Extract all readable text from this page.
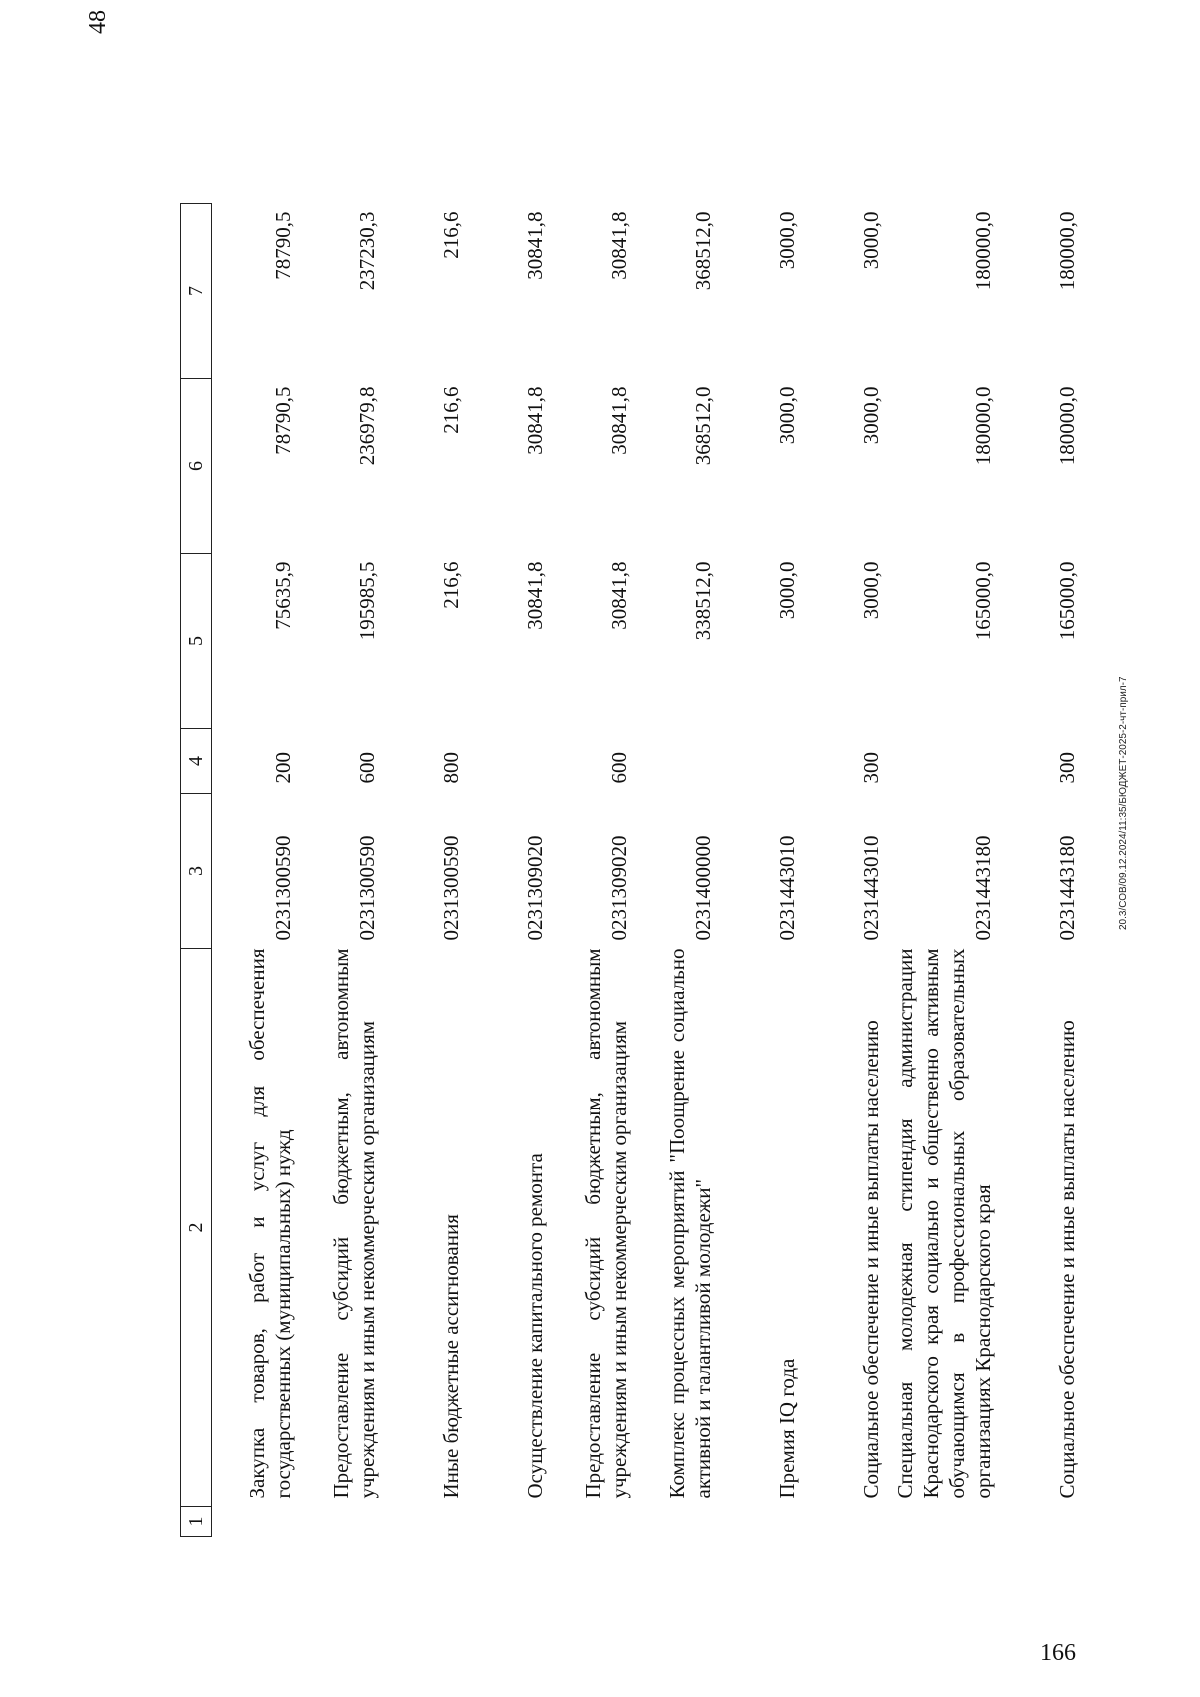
48
1	2	3	4	5	6	7
	Закупка товаров, работ и услуг для обеспечения государственных (муниципальных) нужд	0231300590	200	75635,9	78790,5	78790,5
	Предоставление субсидий бюджетным, автономным учреждениям и иным некоммерческим организациям	0231300590	600	195985,5	236979,8	237230,3
	Иные бюджетные ассигнования	0231300590	800	216,6	216,6	216,6
	Осуществление капитального ремонта	0231309020		30841,8	30841,8	30841,8
	Предоставление субсидий бюджетным, автономным учреждениям и иным некоммерческим организациям	0231309020	600	30841,8	30841,8	30841,8
	Комплекс процессных мероприятий "Поощрение социально активной и талантливой молодежи"	0231400000		338512,0	368512,0	368512,0
	Премия IQ года	0231443010		3000,0	3000,0	3000,0
	Социальное обеспечение и иные выплаты населению	0231443010	300	3000,0	3000,0	3000,0
	Специальная молодежная стипендия администрации Краснодарского края социально и общественно активным обучающимся в профессиональных образовательных организациях Краснодарского края	0231443180		165000,0	180000,0	180000,0
	Социальное обеспечение и иные выплаты населению	0231443180	300	165000,0	180000,0	180000,0
20.3/СОВ/09.12.2024/11:35/БЮДЖЕТ-2025-2-чт-прил-7
166
